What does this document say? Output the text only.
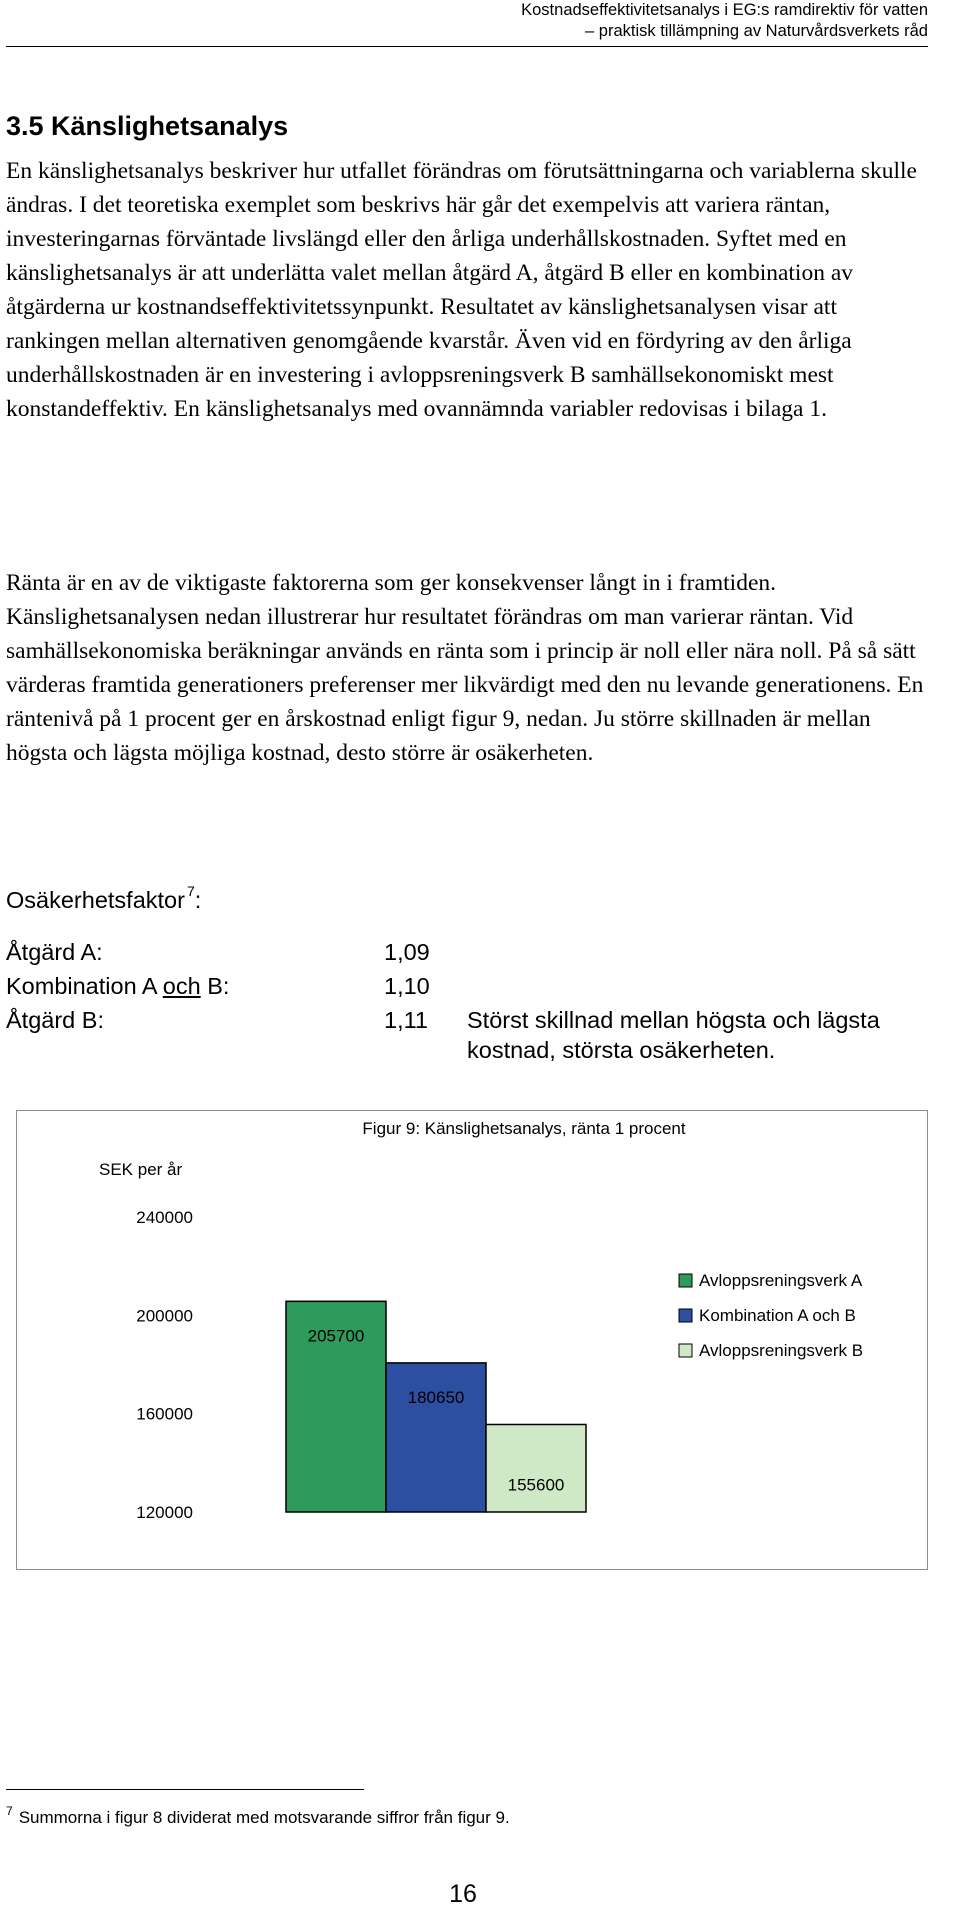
Kostnadseffektivitetsanalys i EG:s ramdirektiv för vatten
– praktisk tillämpning av Naturvårdsverkets råd
3.5 Känslighetsanalys

En känslighetsanalys beskriver hur utfallet förändras om förutsättningarna och variablerna skulle ändras. I det teoretiska exemplet som beskrivs här går det exempelvis att variera räntan, investeringarnas förväntade livslängd eller den årliga underhållskostnaden. Syftet med en känslighetsanalys är att underlätta valet mellan åtgärd A, åtgärd B eller en kombination av åtgärderna ur kostnandseffektivitetssynpunkt. Resultatet av känslighetsanalysen visar att rankingen mellan alternativen genomgående kvarstår. Även vid en fördyring av den årliga underhållskostnaden är en investering i avloppsreningsverk B samhällsekonomiskt mest konstandeffektiv. En känslighetsanalys med ovannämnda variabler redovisas i bilaga 1.

Ränta är en av de viktigaste faktorerna som ger konsekvenser långt in i framtiden. Känslighetsanalysen nedan illustrerar hur resultatet förändras om man varierar räntan. Vid samhällsekonomiska beräkningar används en ränta som i princip är noll eller nära noll. På så sätt värderas framtida generationers preferenser mer likvärdigt med den nu levande generationens. En räntenivå på 1 procent ger en årskostnad enligt figur 9, nedan. Ju större skillnaden är mellan högsta och lägsta möjliga kostnad, desto större är osäkerheten.

Osäkerhetsfaktor $^7$:
Åtgärd A:	1,09
Kombination A och B:	1,10
Åtgärd B:	1,11 Störst skillnad mellan högsta och lägsta kostnad, största osäkerheten.
Figur 9: Känslighetsanalys, ränta 1 procent
SEK per år
240000
200000
160000
120000
205700
180650
155600
Avloppsreningsverk A
Kombination A och B
Avloppsreningsverk B
$^7$ Summorna i figur 8 dividerat med motsvarande siffror från figur 9.
16
